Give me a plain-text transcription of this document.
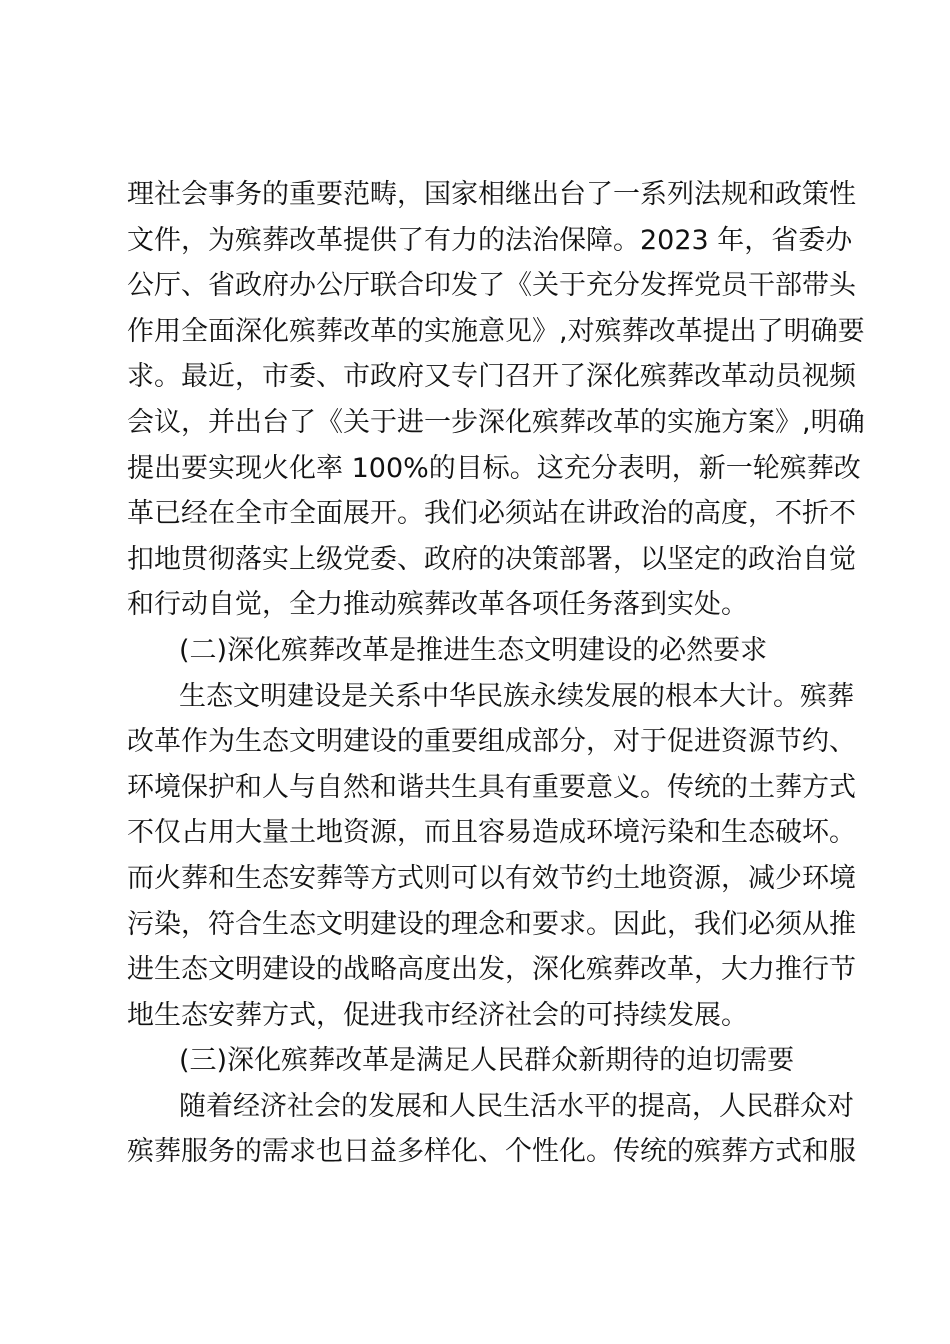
理社会事务的重要范畴，国家相继出台了一系列法规和政策性
文件，为殡葬改革提供了有力的法治保障。2023 年，省委办
公厅、省政府办公厅联合印发了《关于充分发挥党员干部带头
作用全面深化殡葬改革的实施意见》,对殡葬改革提出了明确要
求。最近，市委、市政府又专门召开了深化殡葬改革动员视频
会议，并出台了《关于进一步深化殡葬改革的实施方案》,明确
提出要实现火化率 100%的目标。这充分表明，新一轮殡葬改
革已经在全市全面展开。我们必须站在讲政治的高度，不折不
扣地贯彻落实上级党委、政府的决策部署，以坚定的政治自觉
和行动自觉，全力推动殡葬改革各项任务落到实处。
(二)深化殡葬改革是推进生态文明建设的必然要求
生态文明建设是关系中华民族永续发展的根本大计。殡葬
改革作为生态文明建设的重要组成部分，对于促进资源节约、
环境保护和人与自然和谐共生具有重要意义。传统的土葬方式
不仅占用大量土地资源，而且容易造成环境污染和生态破坏。
而火葬和生态安葬等方式则可以有效节约土地资源，减少环境
污染，符合生态文明建设的理念和要求。因此，我们必须从推
进生态文明建设的战略高度出发，深化殡葬改革，大力推行节
地生态安葬方式，促进我市经济社会的可持续发展。
(三)深化殡葬改革是满足人民群众新期待的迫切需要
随着经济社会的发展和人民生活水平的提高，人民群众对
殡葬服务的需求也日益多样化、个性化。传统的殡葬方式和服
